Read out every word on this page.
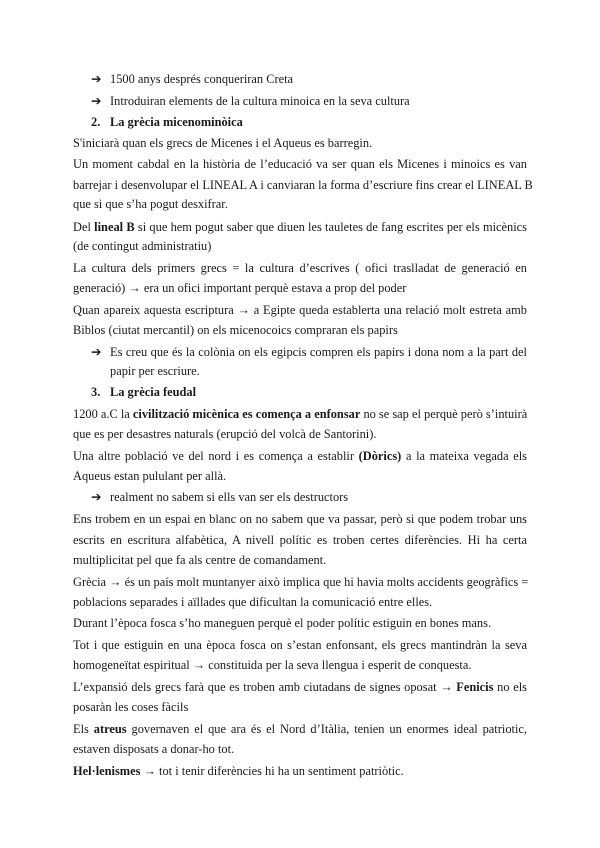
➔ 1500 anys després conqueriran Creta
➔ Introduiran elements de la cultura minoica en la seva cultura
2. La grècia micenominòica
S'iniciarà quan els grecs de Micenes i el Aqueus es barregin.
Un moment cabdal en la història de l’educació va ser quan els Micenes i minoics es van
barrejar i desenvolupar el LINEAL A i canviaran la forma d’escriure fins crear el LINEAL B
que si que s’ha pogut desxifrar.
Del lineal B si que hem pogut saber que diuen les tauletes de fang escrites per els micènics
(de contingut administratiu)
La cultura dels primers grecs = la cultura d’escrives ( ofici traslladat de generació en
generació) → era un ofici important perquè estava a prop del poder
Quan apareix aquesta escriptura → a Egipte queda establerta una relació molt estreta amb
Biblos (ciutat mercantil) on els micenocoics compraran els papirs
➔ Es creu que és la colònia on els egipcis compren els papirs i dona nom a la part del
papir per escriure.
3. La grècia feudal
1200 a.C la civilització micènica es comença a enfonsar no se sap el perquè però s’intuirà
que es per desastres naturals (erupció del volcà de Santorini).
Una altre població ve del nord i es comença a establir (Dòrics) a la mateixa vegada els
Aqueus estan pululant per allà.
➔ realment no sabem si ells van ser els destructors
Ens trobem en un espai en blanc on no sabem que va passar, però si que podem trobar uns
escrits en escritura alfabètica, A nivell polític es troben certes diferències. Hi ha certa
multiplicitat pel que fa als centre de comandament.
Grècia → és un país molt muntanyer això implica que hi havia molts accidents geogràfics =
poblacions separades i aïllades que dificultan la comunicació entre elles.
Durant l’època fosca s’ho maneguen perquè el poder polític estiguin en bones mans.
Tot i que estiguin en una època fosca on s’estan enfonsant, els grecs mantindràn la seva
homogeneïtat espiritual → constituida per la seva llengua i esperit de conquesta.
L’expansió dels grecs farà que es troben amb ciutadans de signes oposat → Fenicis no els
posaràn les coses fàcils
Els atreus governaven el que ara és el Nord d’Itàlia, tenien un enormes ideal patriotic,
estaven disposats a donar-ho tot.
Hel·lenismes → tot i tenir diferències hi ha un sentiment patriòtic.
